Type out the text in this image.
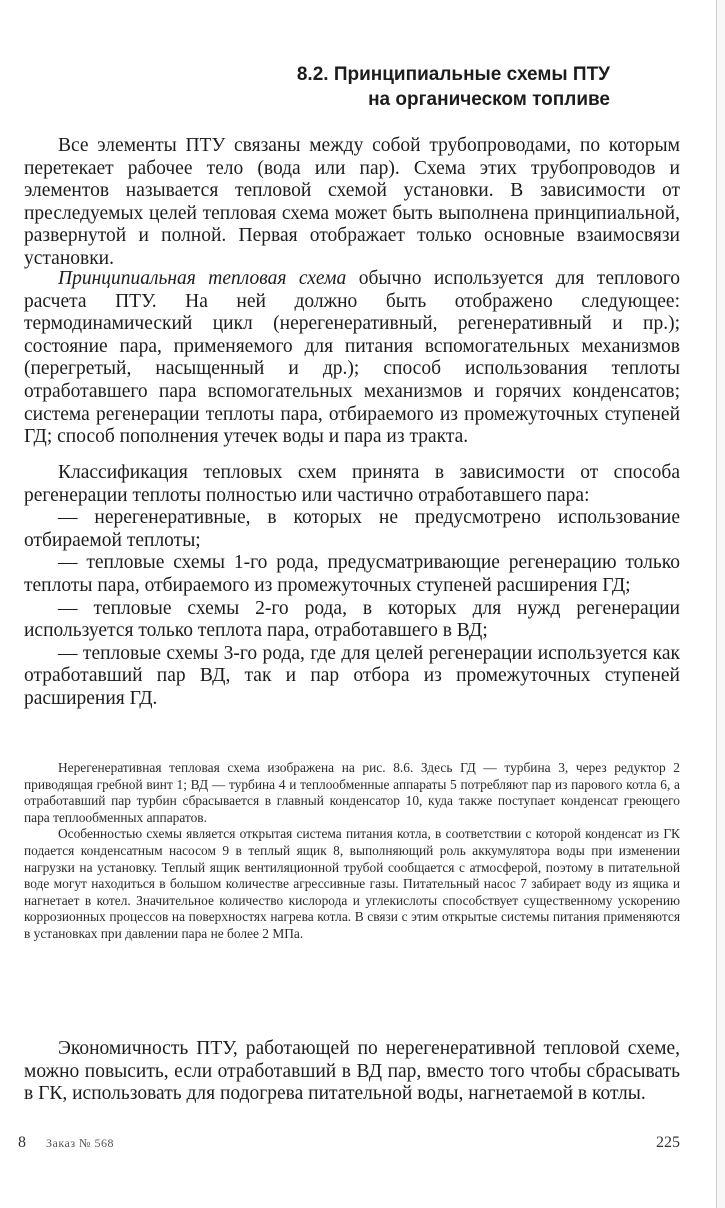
8.2. Принципиальные схемы ПТУ
на органическом топливе

Все элементы ПТУ связаны между собой трубопроводами, по которым перетекает рабочее тело (вода или пар). Схема этих трубопроводов и элементов называется тепловой схемой установки. В зависимости от преследуемых целей тепловая схема может быть выполнена принципиальной, развернутой и полной. Первая отображает только основные взаимосвязи установки.

Принципиальная тепловая схема обычно используется для теплового расчета ПТУ. На ней должно быть отображено следующее: термодинамический цикл (нерегенеративный, регенеративный и пр.); состояние пара, применяемого для питания вспомогательных механизмов (перегретый, насыщенный и др.); способ использования теплоты отработавшего пара вспомогательных механизмов и горячих конденсатов; система регенерации теплоты пара, отбираемого из промежуточных ступеней ГД; способ пополнения утечек воды и пара из тракта.

Классификация тепловых схем принята в зависимости от способа регенерации теплоты полностью или частично отработавшего пара:

— нерегенеративные, в которых не предусмотрено использование отбираемой теплоты;

— тепловые схемы 1-го рода, предусматривающие регенерацию только теплоты пара, отбираемого из промежуточных ступеней расширения ГД;

— тепловые схемы 2-го рода, в которых для нужд регенерации используется только теплота пара, отработавшего в ВД;

— тепловые схемы 3-го рода, где для целей регенерации используется как отработавший пар ВД, так и пар отбора из промежуточных ступеней расширения ГД.

Нерегенеративная тепловая схема изображена на рис. 8.6. Здесь ГД — турбина 3, через редуктор 2 приводящая гребной винт 1; ВД — турбина 4 и теплообменные аппараты 5 потребляют пар из парового котла 6, а отработавший пар турбин сбрасывается в главный конденсатор 10, куда также поступает конденсат греющего пара теплообменных аппаратов.

Особенностью схемы является открытая система питания котла, в соответствии с которой конденсат из ГК подается конденсатным насосом 9 в теплый ящик 8, выполняющий роль аккумулятора воды при изменении нагрузки на установку. Теплый ящик вентиляционной трубой сообщается с атмосферой, поэтому в питательной воде могут находиться в большом количестве агрессивные газы. Питательный насос 7 забирает воду из ящика и нагнетает в котел. Значительное количество кислорода и углекислоты способствует существенному ускорению коррозионных процессов на поверхностях нагрева котла. В связи с этим открытые системы питания применяются в установках при давлении пара не более 2 МПа.

Экономичность ПТУ, работающей по нерегенеративной тепловой схеме, можно повысить, если отработавший в ВД пар, вместо того чтобы сбрасывать в ГК, использовать для подогрева питательной воды, нагнетаемой в котлы.

8 Заказ № 568	225
